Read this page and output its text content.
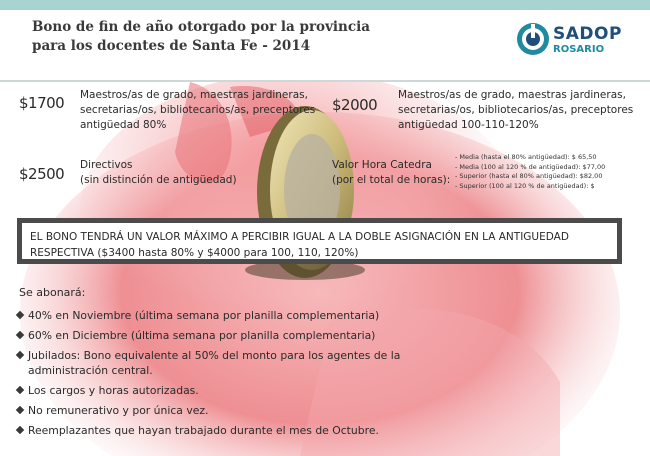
Bono de fin de año otorgado por la provincia
para los docentes de Santa Fe - 2014
SADOP
ROSARIO
$1700 Maestros/as de grado, maestras jardineras,
secretarias/os, bibliotecarios/as, preceptores
antigüedad 80%
$2000
Maestros/as de grado, maestras jardineras,
secretarias/os, bibliotecarios/as, preceptores
antigüedad 100-110-120%
$2500 Directivos
(sin distinción de antigüedad)
Valor Hora Catedra
(por el total de horas):
- Media (hasta el 80% antigüedad): $ 65,50
- Media (100 al 120 % de antigüedad): $77,00
- Superior (hasta el 80% antigüedad): $82,00
- Superior (100 al 120 % de antigüedad): $
EL BONO TENDRÁ UN VALOR MÁXIMO A PERCIBIR IGUAL A LA DOBLE ASIGNACIÓN EN LA ANTIGUEDAD
RESPECTIVA ($3400 hasta 80% y $4000 para 100, 110, 120%)
Se abonará:
40% en Noviembre (última semana por planilla complementaria)
60% en Diciembre (última semana por planilla complementaria)
Jubilados: Bono equivalente al 50% del monto para los agentes de la administración central.
Los cargos y horas autorizadas.
No remunerativo y por única vez.
Reemplazantes que hayan trabajado durante el mes de Octubre.
